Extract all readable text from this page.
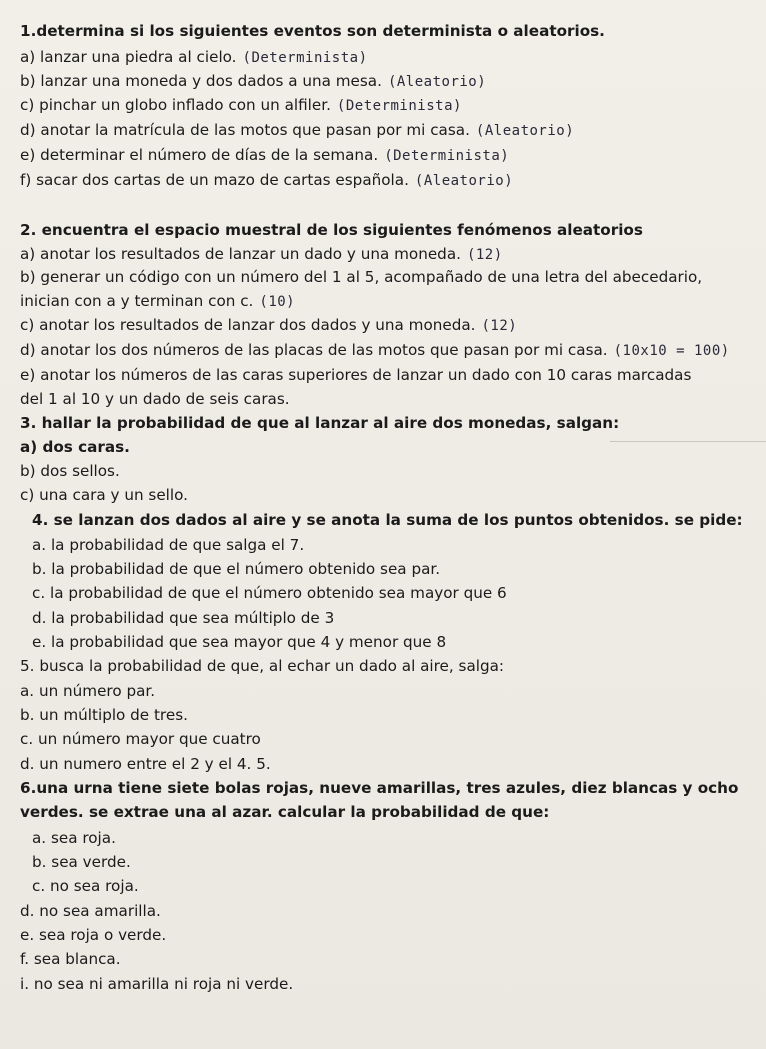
1.determina si los siguientes eventos son determinista o aleatorios.
a) lanzar una piedra al cielo. (Determinista)
b) lanzar una moneda y dos dados a una mesa. (Aleatorio)
c) pinchar un globo inflado con un alfiler. (Determinista)
d) anotar la matrícula de las motos que pasan por mi casa. (Aleatorio)
e) determinar el número de días de la semana. (Determinista)
f) sacar dos cartas de un mazo de cartas española. (Aleatorio)
2. encuentra el espacio muestral de los siguientes fenómenos aleatorios
a) anotar los resultados de lanzar un dado y una moneda. (12)
b) generar un código con un número del 1 al 5, acompañado de una letra del abecedario,
inician con a y terminan con c. (10)
c) anotar los resultados de lanzar dos dados y una moneda. (12)
d) anotar los dos números de las placas de las motos que pasan por mi casa. (10x10 = 100)
e) anotar los números de las caras superiores de lanzar un dado con 10 caras marcadas
del 1 al 10 y un dado de seis caras.
3. hallar la probabilidad de que al lanzar al aire dos monedas, salgan:
a) dos caras.
b) dos sellos.
c) una cara y un sello.
4. se lanzan dos dados al aire y se anota la suma de los puntos obtenidos. se pide:
a. la probabilidad de que salga el 7.
b. la probabilidad de que el número obtenido sea par.
c. la probabilidad de que el número obtenido sea mayor que 6
d. la probabilidad que sea múltiplo de 3
e. la probabilidad que sea mayor que 4 y menor que 8
5. busca la probabilidad de que, al echar un dado al aire, salga:
a. un número par.
b. un múltiplo de tres.
c. un número mayor que cuatro
d. un numero entre el 2 y el 4. 5.
6.una urna tiene siete bolas rojas, nueve amarillas, tres azules, diez blancas y ocho
verdes. se extrae una al azar. calcular la probabilidad de que:
a. sea roja.
b. sea verde.
c. no sea roja.
d. no sea amarilla.
e. sea roja o verde.
f. sea blanca.
i. no sea ni amarilla ni roja ni verde.
